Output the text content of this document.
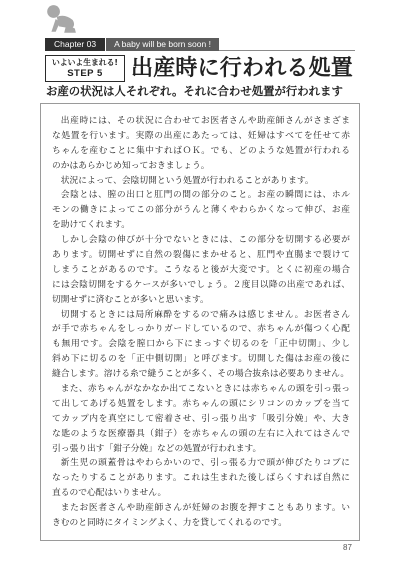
Chapter 03	A baby will be born soon !
いよいよ生まれる!
STEP 5	出産時に行われる処置
お産の状況は人それぞれ。それに合わせ処置が行われます
出産時には、その状況に合わせてお医者さんや助産師さんがさまざま
な処置を行います。実際の出産にあたっては、妊婦はすべてを任せて赤
ちゃんを産むことに集中すればＯＫ。でも、どのような処置が行われる
のかはあらかじめ知っておきましょう。
状況によって、会陰切開という処置が行われることがあります。
会陰とは、膣の出口と肛門の間の部分のこと。お産の瞬間には、ホル
モンの働きによってこの部分がうんと薄くやわらかくなって伸び、お産
を助けてくれます。
しかし会陰の伸びが十分でないときには、この部分を切開する必要が
あります。切開せずに自然の裂傷にまかせると、肛門や直腸まで裂けて
しまうことがあるのです。こうなると後が大変です。とくに初産の場合
には会陰切開をするケースが多いでしょう。２度目以降の出産であれば、
切開せずに済むことが多いと思います。
切開するときには局所麻酔をするので痛みは感じません。お医者さん
が手で赤ちゃんをしっかりガードしているので、赤ちゃんが傷つく心配
も無用です。会陰を膣口から下にまっすぐ切るのを「正中切開」、少し
斜め下に切るのを「正中側切開」と呼びます。切開した傷はお産の後に
縫合します。溶ける糸で縫うことが多く、その場合抜糸は必要ありません。
また、赤ちゃんがなかなか出てこないときには赤ちゃんの頭を引っ張っ
て出してあげる処置をします。赤ちゃんの頭にシリコンのカップを当て
てカップ内を真空にして密着させ、引っ張り出す「吸引分娩」や、大き
な匙のような医療器具（鉗子）を赤ちゃんの頭の左右に入れてはさんで
引っ張り出す「鉗子分娩」などの処置が行われます。
新生児の頭蓋骨はやわらかいので、引っ張る力で頭が伸びたりコブに
なったりすることがあります。これは生まれた後しばらくすれば自然に
直るので心配はいりません。
またお医者さんや助産師さんが妊婦のお腹を押すこともあります。い
きむのと同時にタイミングよく、力を貸してくれるのです。
87
